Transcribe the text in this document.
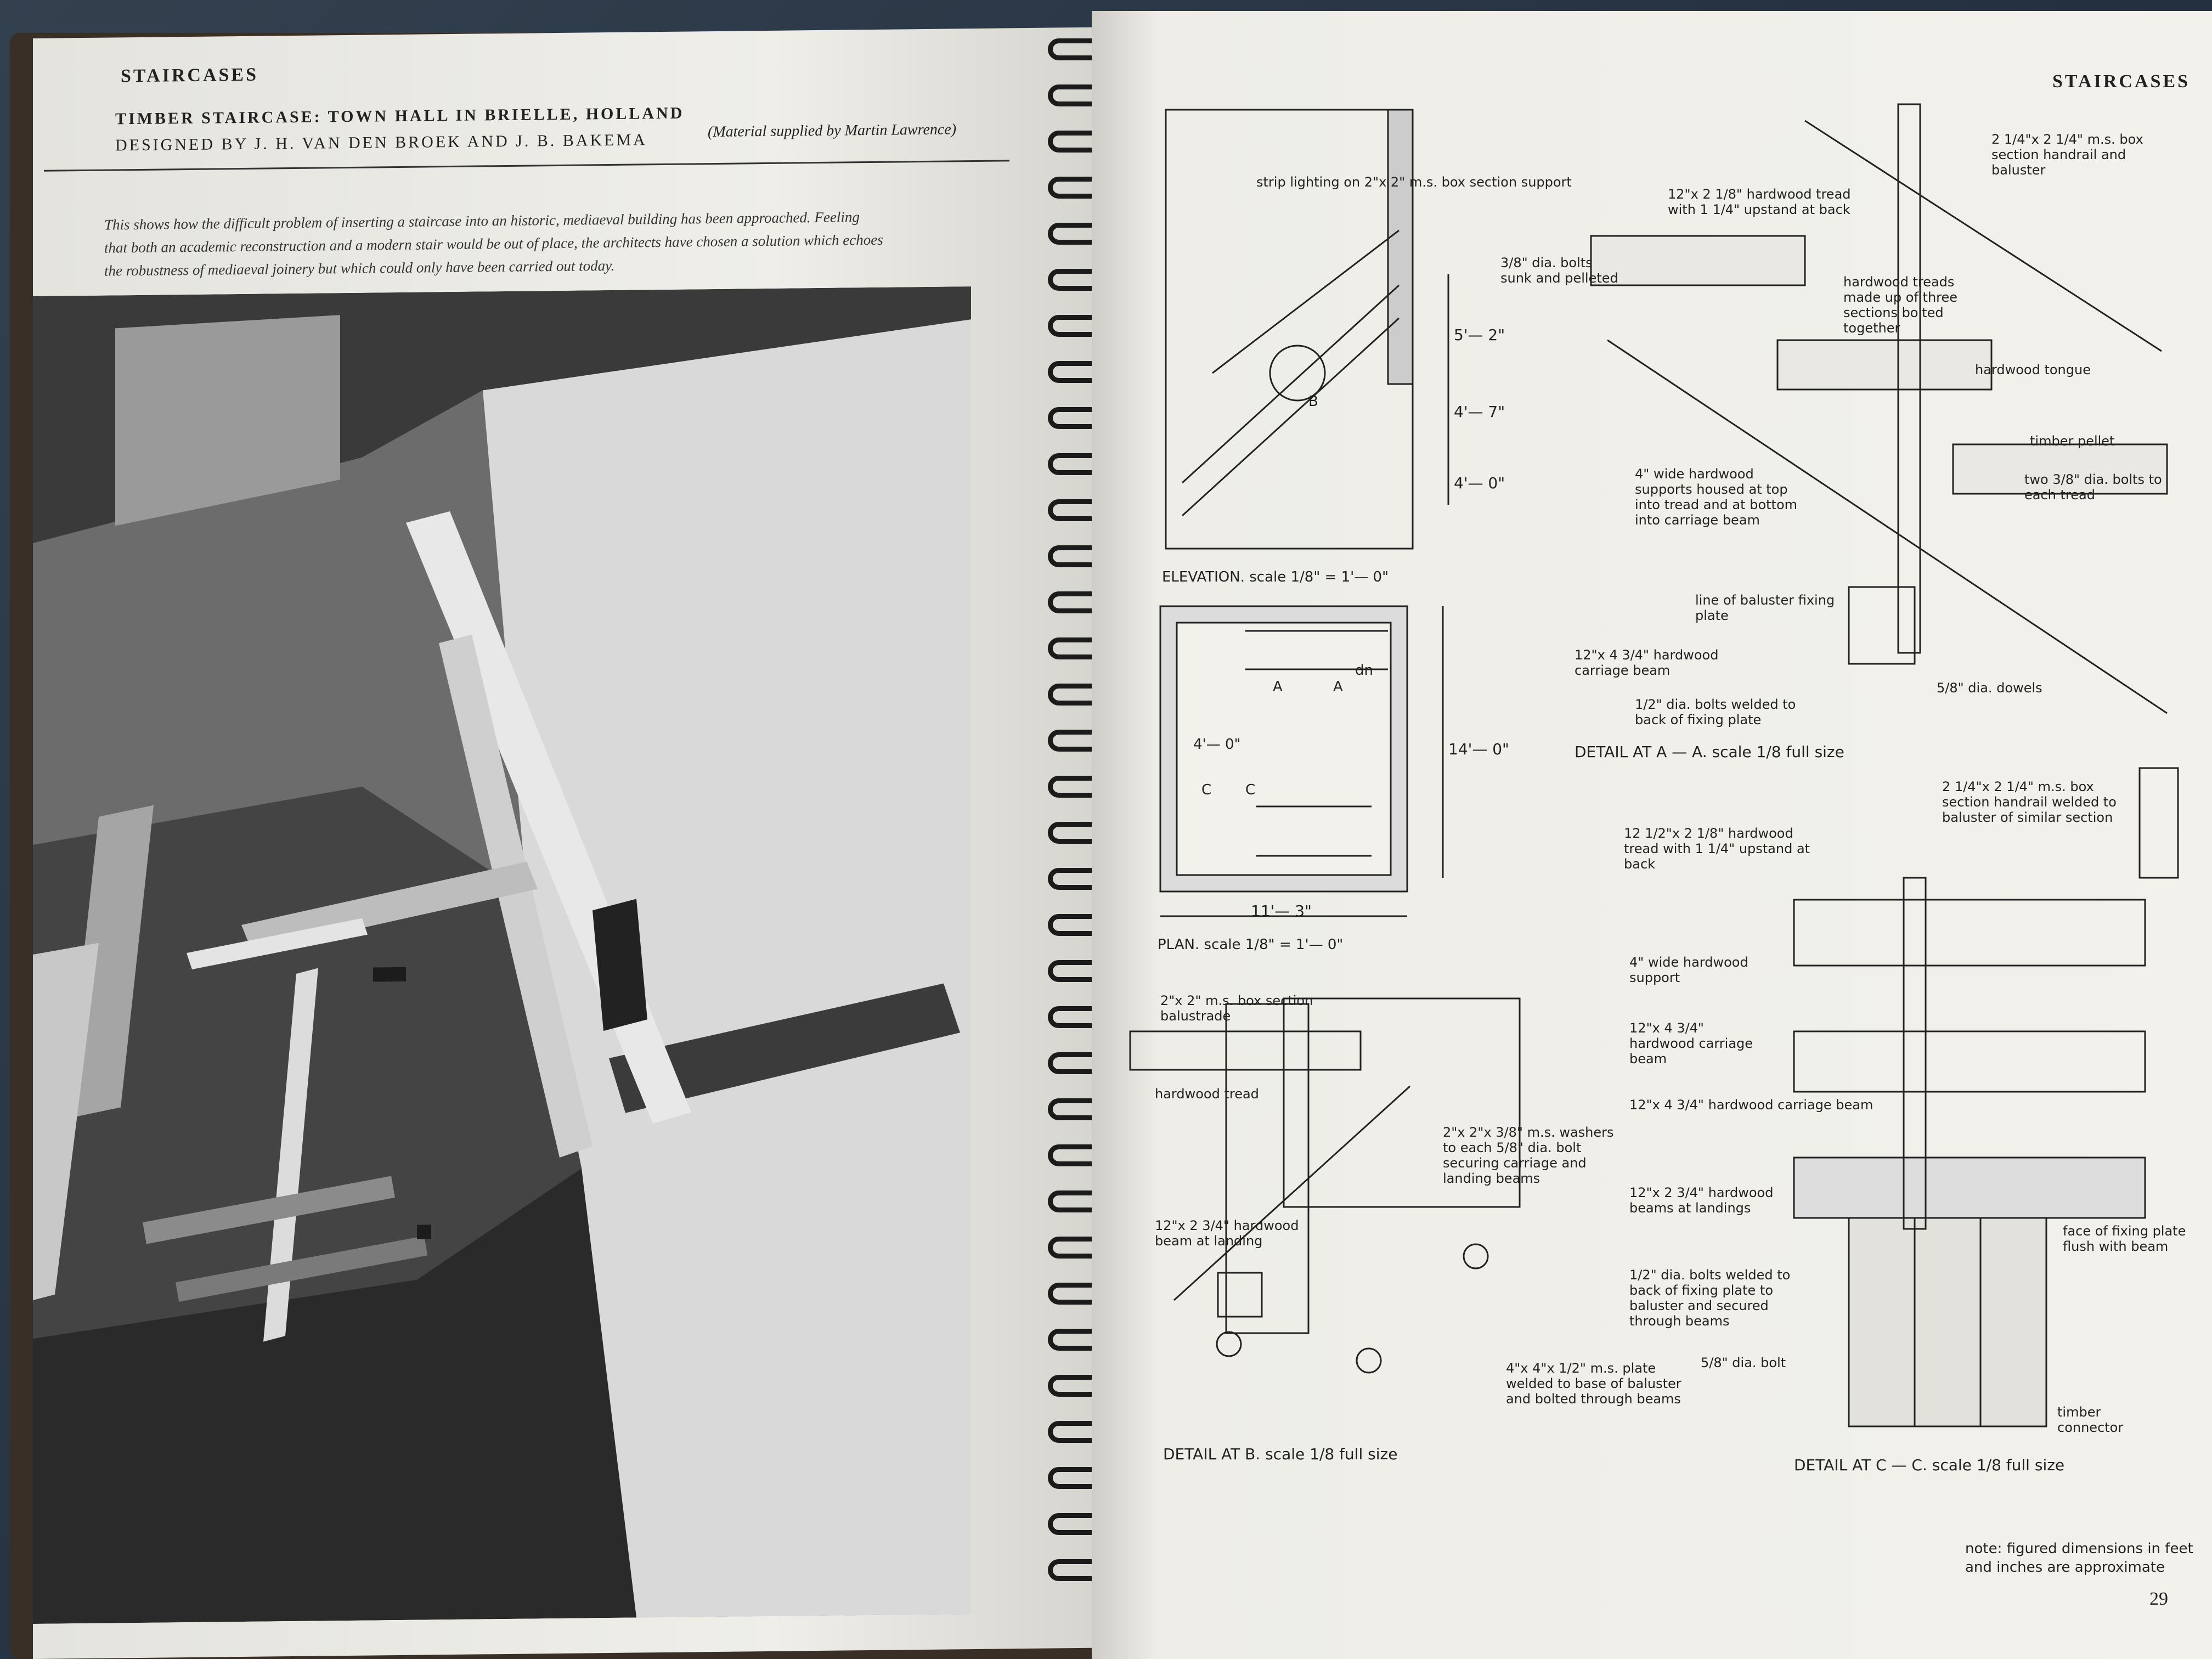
STAIRCASES
TIMBER STAIRCASE: TOWN HALL IN BRIELLE, HOLLAND
DESIGNED BY J. H. VAN DEN BROEK AND J. B. BAKEMA
(Material supplied by Martin Lawrence)
This shows how the difficult problem of inserting a staircase into an historic, mediaeval building has been approached. Feeling that both an academic reconstruction and a modern stair would be out of place, the architects have chosen a solution which echoes the robustness of mediaeval joinery but which could only have been carried out today.
STAIRCASES
strip lighting on 2"x 2" m.s. box section support
B
5'— 2"
4'— 7"
4'— 0"
ELEVATION. scale 1/8" = 1'— 0"
14'— 0"
11'— 3"
4'— 0"
A	A
dn
C C
PLAN. scale 1/8" = 1'— 0"
DETAIL AT B. scale 1/8 full size
DETAIL AT C — C. scale 1/8 full size
DETAIL AT A — A. scale 1/8 full size
12"x 2 1/8" hardwood tread with 1 1/4" upstand at back
3/8" dia. bolts sunk and pelleted
2 1/4"x 2 1/4" m.s. box section handrail and baluster
hardwood treads made up of three sections bolted together
hardwood tongue
timber pellet
two 3/8" dia. bolts to each tread
4" wide hardwood supports housed at top into tread and at bottom into carriage beam
line of baluster fixing plate
12"x 4 3/4" hardwood carriage beam
1/2" dia. bolts welded to back of fixing plate
5/8" dia. dowels
2"x 2" m.s. box section balustrade
hardwood tread
2"x 2"x 3/8" m.s. washers to each 5/8" dia. bolt securing carriage and landing beams
12"x 2 3/4" hardwood beam at landing
4"x 4"x 1/2" m.s. plate welded to base of baluster and bolted through beams
2 1/4"x 2 1/4" m.s. box section handrail welded to baluster of similar section
12 1/2"x 2 1/8" hardwood tread with 1 1/4" upstand at back
4" wide hardwood support
12"x 4 3/4" hardwood carriage beam
12"x 4 3/4" hardwood carriage beam
12"x 2 3/4" hardwood beams at landings
face of fixing plate flush with beam
1/2" dia. bolts welded to back of fixing plate to baluster and secured through beams
5/8" dia. bolt
timber connector
note: figured dimensions in feet and inches are approximate
29
